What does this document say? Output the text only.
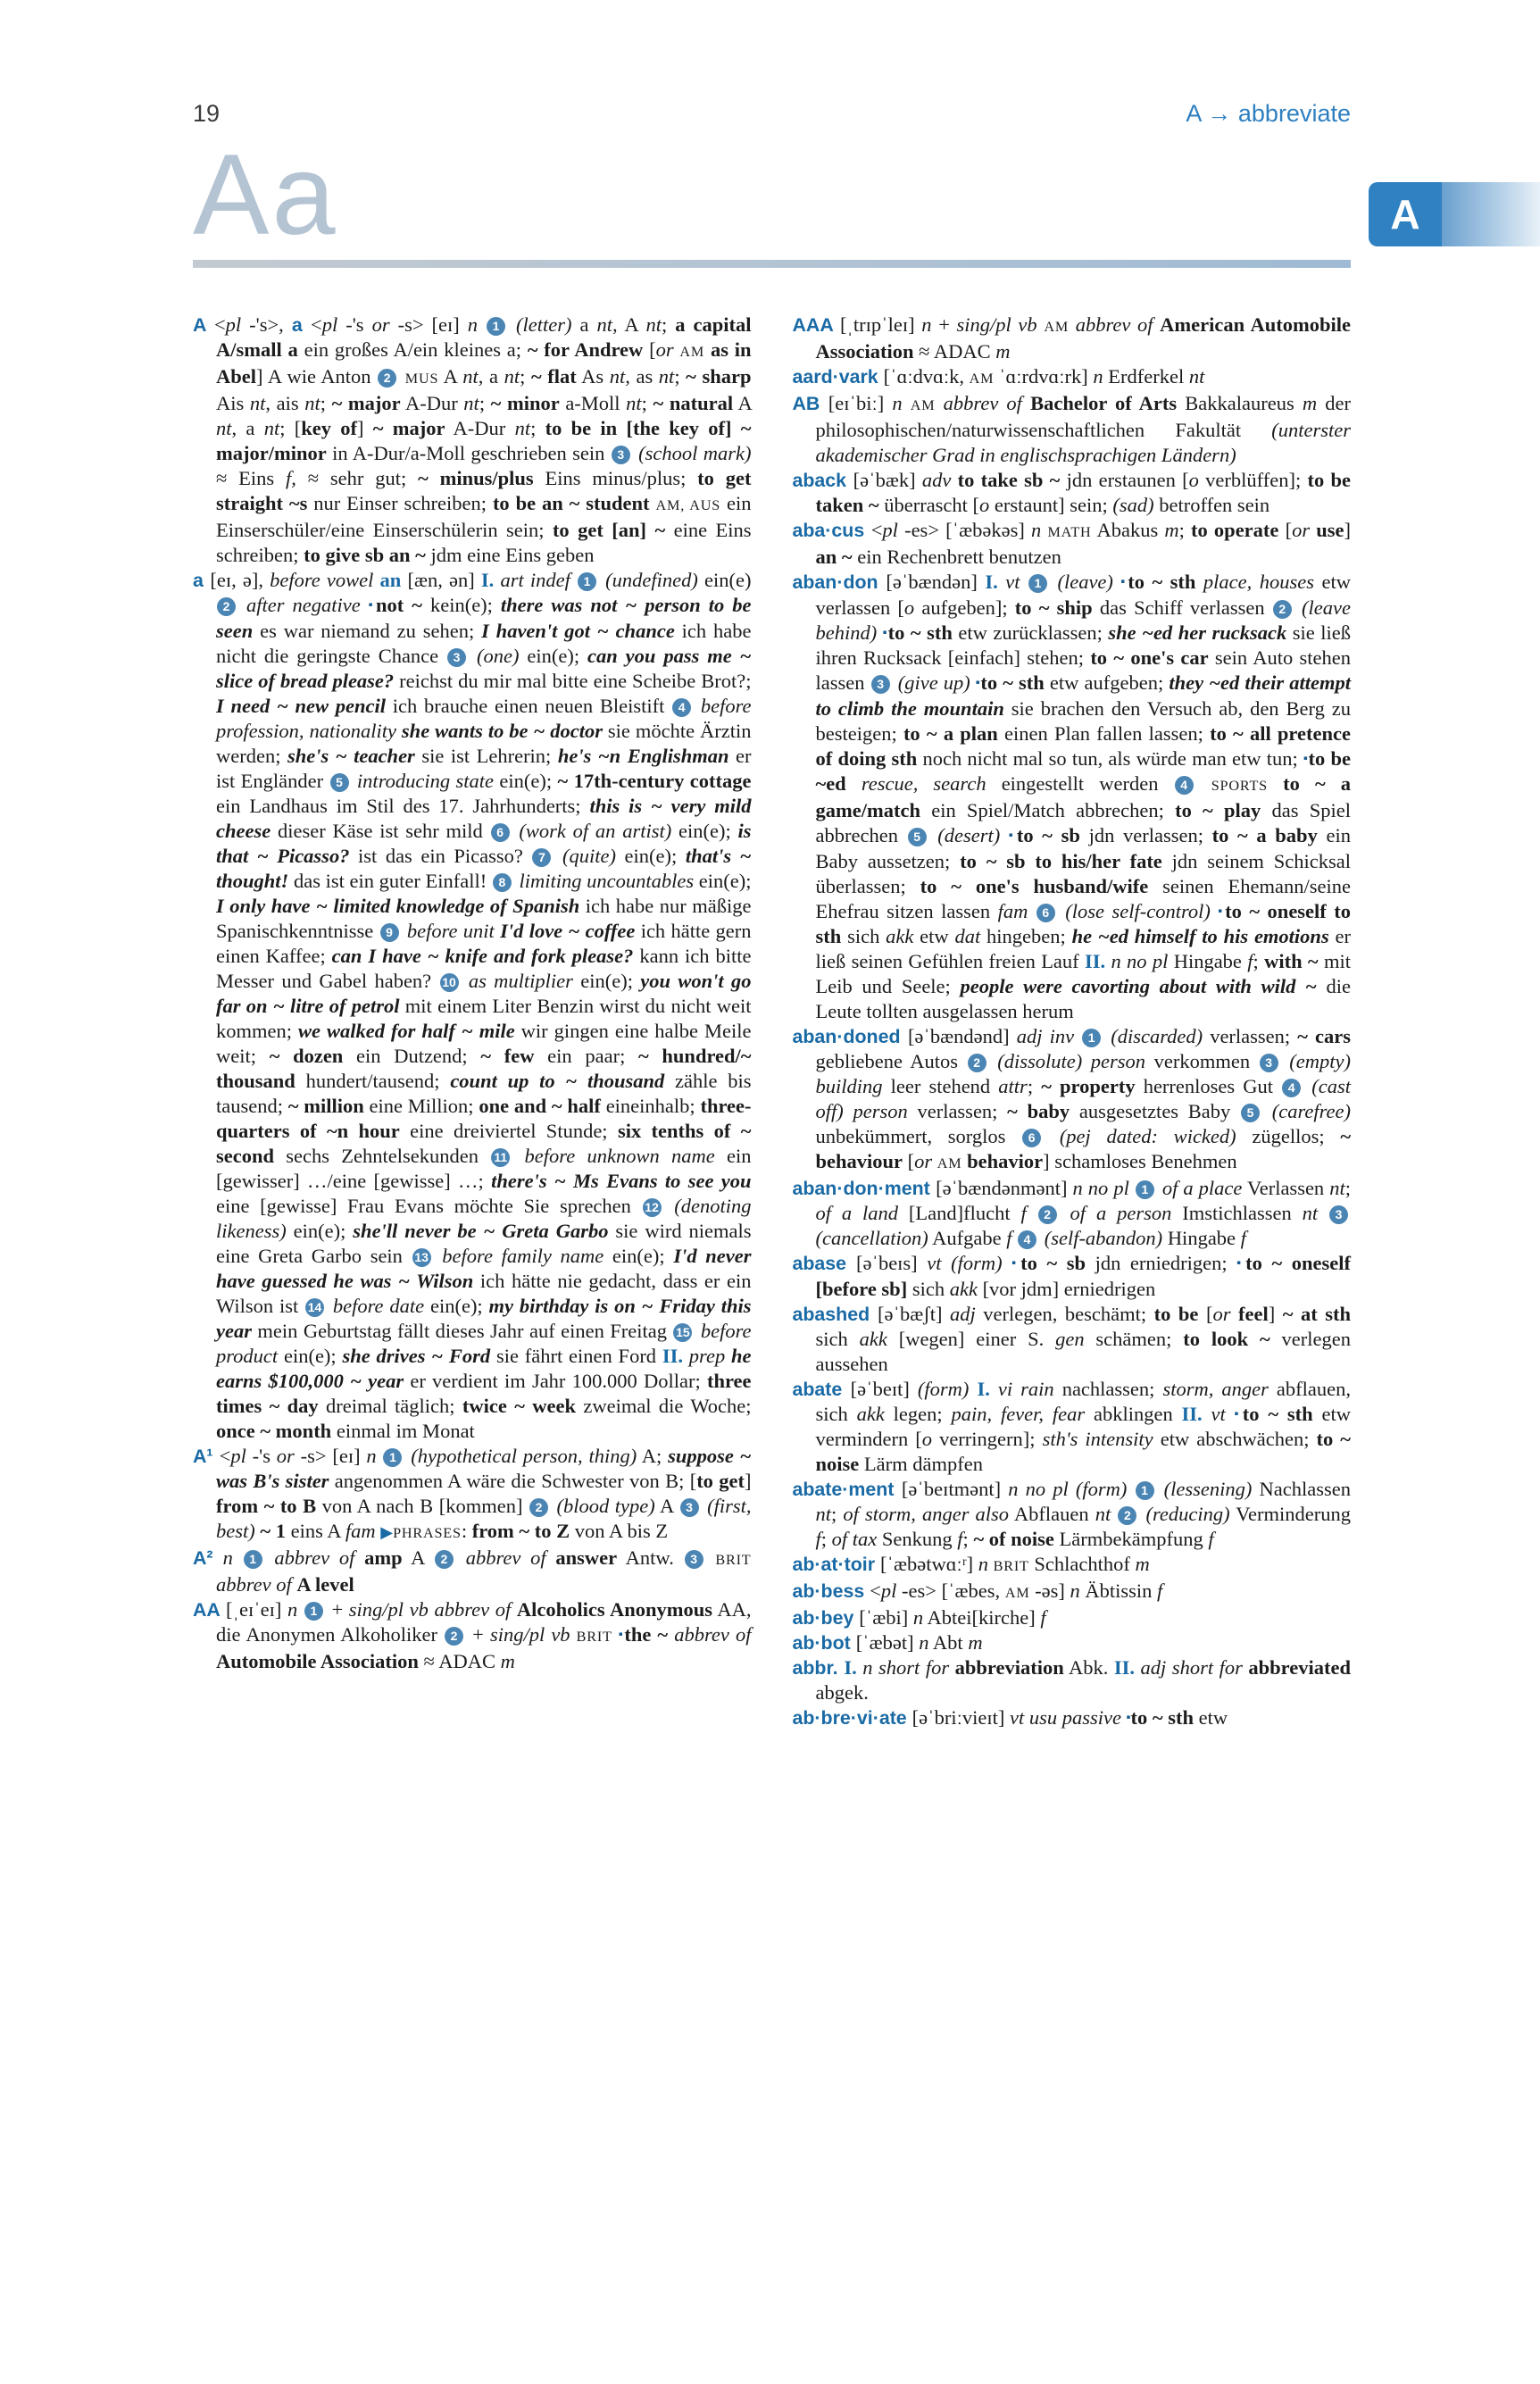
19	A → abbreviate
Aa	A

A <pl -'s>, a <pl -'s or -s> [eɪ] n 1 (letter) a nt, A nt; a capital A/small a ein großes A/ein kleines a; ~ for Andrew [or AM as in Abel] A wie Anton 2 MUS A nt, a nt; ~ flat As nt, as nt; ~ sharp Ais nt, ais nt; ~ major A-Dur nt; ~ minor a-Moll nt; ~ natural A nt, a nt; [key of] ~ major A-Dur nt; to be in [the key of] ~ major/minor in A-Dur/a-Moll geschrieben sein 3 (school mark) ≈ Eins f, ≈ sehr gut; ~ minus/plus Eins minus/plus; to get straight ~s nur Einser schreiben; to be an ~ student AM, AUS ein Einserschüler/eine Einserschülerin sein; to get [an] ~ eine Eins schreiben; to give sb an ~ jdm eine Eins geben

a [eɪ, ə], before vowel an [æn, ən] I. art indef 1 (undefined) ein(e) 2 after negative ▪not ~ kein(e); there was not ~ person to be seen es war niemand zu sehen; I haven't got ~ chance ich habe nicht die geringste Chance 3 (one) ein(e); can you pass me ~ slice of bread please? reichst du mir mal bitte eine Scheibe Brot?; I need ~ new pencil ich brauche einen neuen Bleistift 4 before profession, nationality she wants to be ~ doctor sie möchte Ärztin werden; she's ~ teacher sie ist Lehrerin; he's ~n Englishman er ist Engländer 5 introducing state ein(e); ~ 17th-century cottage ein Landhaus im Stil des 17. Jahrhunderts; this is ~ very mild cheese dieser Käse ist sehr mild 6 (work of an artist) ein(e); is that ~ Picasso? ist das ein Picasso? 7 (quite) ein(e); that's ~ thought! das ist ein guter Einfall! 8 limiting uncountables ein(e); I only have ~ limited knowledge of Spanish ich habe nur mäßige Spanischkenntnisse 9 before unit I'd love ~ coffee ich hätte gern einen Kaffee; can I have ~ knife and fork please? kann ich bitte Messer und Gabel haben? 10 as multiplier ein(e); you won't go far on ~ litre of petrol mit einem Liter Benzin wirst du nicht weit kommen; we walked for half ~ mile wir gingen eine halbe Meile weit; ~ dozen ein Dutzend; ~ few ein paar; ~ hundred/~ thousand hundert/tausend; count up to ~ thousand zähle bis tausend; ~ million eine Million; one and ~ half eineinhalb; three-quarters of ~n hour eine dreiviertel Stunde; six tenths of ~ second sechs Zehntelsekunden 11 before unknown name ein [gewisser] …/eine [gewisse] …; there's ~ Ms Evans to see you eine [gewisse] Frau Evans möchte Sie sprechen 12 (denoting likeness) ein(e); she'll never be ~ Greta Garbo sie wird niemals eine Greta Garbo sein 13 before family name ein(e); I'd never have guessed he was ~ Wilson ich hätte nie gedacht, dass er ein Wilson ist 14 before date ein(e); my birthday is on ~ Friday this year mein Geburtstag fällt dieses Jahr auf einen Freitag 15 before product ein(e); she drives ~ Ford sie fährt einen Ford II. prep he earns $100,000 ~ year er verdient im Jahr 100.000 Dollar; three times ~ day dreimal täglich; twice ~ week zweimal die Woche; once ~ month einmal im Monat

A¹ <pl -'s or -s> [eɪ] n 1 (hypothetical person, thing) A; suppose ~ was B's sister angenommen A wäre die Schwester von B; [to get] from ~ to B von A nach B [kommen] 2 (blood type) A 3 (first, best) ~ 1 eins A fam ▶PHRASES: from ~ to Z von A bis Z

A² n 1 abbrev of amp A 2 abbrev of answer Antw. 3 BRIT abbrev of A level

AA [ˌeɪˈeɪ] n 1 + sing/pl vb abbrev of Alcoholics Anonymous AA, die Anonymen Alkoholiker 2 + sing/pl vb BRIT ▪the ~ abbrev of Automobile Association ≈ ADAC m

AAA [ˌtrɪpˈleɪ] n + sing/pl vb AM abbrev of American Automobile Association ≈ ADAC m

aard·vark [ˈɑːdvɑːk, AM ˈɑːrdvɑːrk] n Erdferkel nt

AB [eɪˈbiː] n AM abbrev of Bachelor of Arts Bakkalaureus m der philosophischen/naturwissenschaftlichen Fakultät (unterster akademischer Grad in englischsprachigen Ländern)

aback [əˈbæk] adv to take sb ~ jdn erstaunen [o verblüffen]; to be taken ~ überrascht [o erstaunt] sein; (sad) betroffen sein

aba·cus <pl -es> [ˈæbəkəs] n MATH Abakus m; to operate [or use] an ~ ein Rechenbrett benutzen

aban·don [əˈbændən] I. vt 1 (leave) ▪to ~ sth place, houses etw verlassen [o aufgeben]; to ~ ship das Schiff verlassen 2 (leave behind) ▪to ~ sth etw zurücklassen; she ~ed her rucksack sie ließ ihren Rucksack [einfach] stehen; to ~ one's car sein Auto stehen lassen 3 (give up) ▪to ~ sth etw aufgeben; they ~ed their attempt to climb the mountain sie brachen den Versuch ab, den Berg zu besteigen; to ~ a plan einen Plan fallen lassen; to ~ all pretence of doing sth noch nicht mal so tun, als würde man etw tun; ▪to be ~ed rescue, search eingestellt werden 4 SPORTS to ~ a game/match ein Spiel/Match abbrechen; to ~ play das Spiel abbrechen 5 (desert) ▪to ~ sb jdn verlassen; to ~ a baby ein Baby aussetzen; to ~ sb to his/her fate jdn seinem Schicksal überlassen; to ~ one's husband/wife seinen Ehemann/seine Ehefrau sitzen lassen fam 6 (lose self-control) ▪to ~ oneself to sth sich akk etw dat hingeben; he ~ed himself to his emotions er ließ seinen Gefühlen freien Lauf II. n no pl Hingabe f; with ~ mit Leib und Seele; people were cavorting about with wild ~ die Leute tollten ausgelassen herum

aban·doned [əˈbændənd] adj inv 1 (discarded) verlassen; ~ cars gebliebene Autos 2 (dissolute) person verkommen 3 (empty) building leer stehend attr; ~ property herrenloses Gut 4 (cast off) person verlassen; ~ baby ausgesetztes Baby 5 (carefree) unbekümmert, sorglos 6 (pej dated: wicked) zügellos; ~ behaviour [or AM behavior] schamloses Benehmen

aban·don·ment [əˈbændənmənt] n no pl 1 of a place Verlassen nt; of a land [Land]flucht f 2 of a person Imstichlassen nt 3 (cancellation) Aufgabe f 4 (self-abandon) Hingabe f

abase [əˈbeɪs] vt (form) ▪to ~ sb jdn erniedrigen; ▪to ~ oneself [before sb] sich akk [vor jdm] erniedrigen

abashed [əˈbæʃt] adj verlegen, beschämt; to be [or feel] ~ at sth sich akk [wegen] einer S. gen schämen; to look ~ verlegen aussehen

abate [əˈbeɪt] (form) I. vi rain nachlassen; storm, anger abflauen, sich akk legen; pain, fever, fear abklingen II. vt ▪to ~ sth etw vermindern [o verringern]; sth's intensity etw abschwächen; to ~ noise Lärm dämpfen

abate·ment [əˈbeɪtmənt] n no pl (form) 1 (lessening) Nachlassen nt; of storm, anger also Abflauen nt 2 (reducing) Verminderung f; of tax Senkung f; ~ of noise Lärmbekämpfung f

ab·at·toir [ˈæbətwɑːʳ] n BRIT Schlachthof m

ab·bess <pl -es> [ˈæbes, AM -əs] n Äbtissin f

ab·bey [ˈæbi] n Abtei[kirche] f

ab·bot [ˈæbət] n Abt m

abbr. I. n short for abbreviation Abk. II. adj short for abbreviated abgek.

ab·bre·vi·ate [əˈbriːvieɪt] vt usu passive ▪to ~ sth etw
